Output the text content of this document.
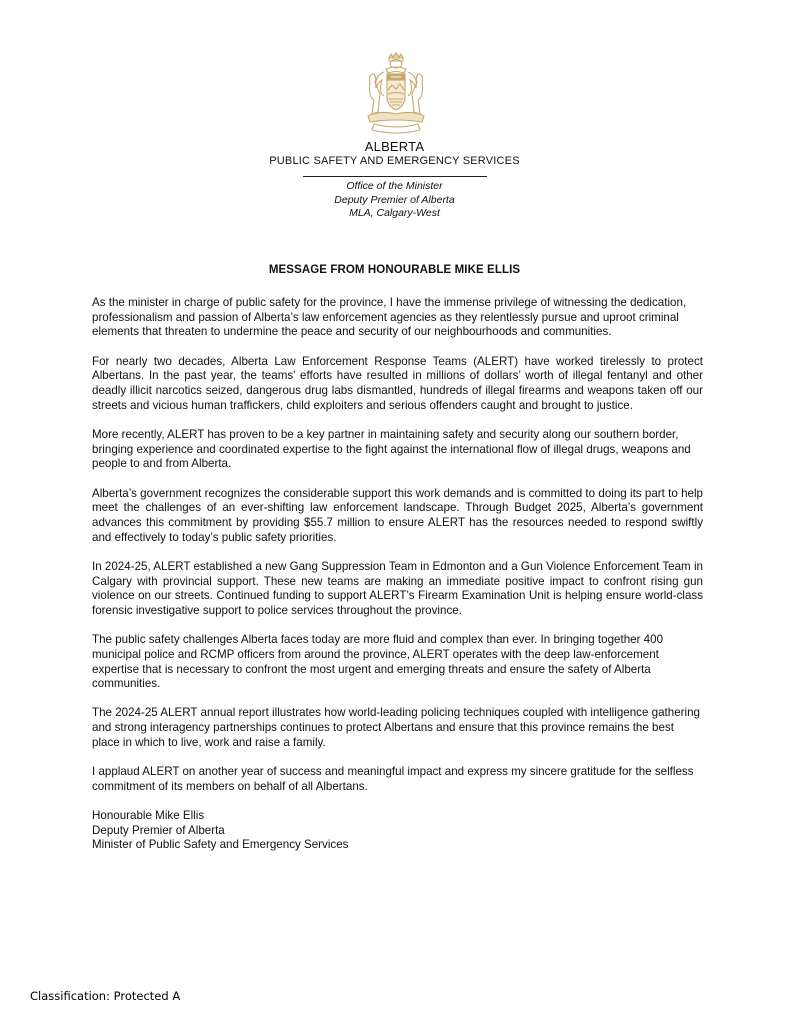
ALBERTA
PUBLIC SAFETY AND EMERGENCY SERVICES
Office of the Minister
Deputy Premier of Alberta
MLA, Calgary-West
MESSAGE FROM HONOURABLE MIKE ELLIS

As the minister in charge of public safety for the province, I have the immense privilege of witnessing the dedication, professionalism and passion of Alberta’s law enforcement agencies as they relentlessly pursue and uproot criminal elements that threaten to undermine the peace and security of our neighbourhoods and communities.

For nearly two decades, Alberta Law Enforcement Response Teams (ALERT) have worked tirelessly to protect Albertans. In the past year, the teams’ efforts have resulted in millions of dollars’ worth of illegal fentanyl and other deadly illicit narcotics seized, dangerous drug labs dismantled, hundreds of illegal firearms and weapons taken off our streets and vicious human traffickers, child exploiters and serious offenders caught and brought to justice.

More recently, ALERT has proven to be a key partner in maintaining safety and security along our southern border, bringing experience and coordinated expertise to the fight against the international flow of illegal drugs, weapons and people to and from Alberta.

Alberta’s government recognizes the considerable support this work demands and is committed to doing its part to help meet the challenges of an ever-shifting law enforcement landscape. Through Budget 2025, Alberta’s government advances this commitment by providing $55.7 million to ensure ALERT has the resources needed to respond swiftly and effectively to today’s public safety priorities.

In 2024-25, ALERT established a new Gang Suppression Team in Edmonton and a Gun Violence Enforcement Team in Calgary with provincial support. These new teams are making an immediate positive impact to confront rising gun violence on our streets. Continued funding to support ALERT’s Firearm Examination Unit is helping ensure world-class forensic investigative support to police services throughout the province.

The public safety challenges Alberta faces today are more fluid and complex than ever. In bringing together 400 municipal police and RCMP officers from around the province, ALERT operates with the deep law-enforcement expertise that is necessary to confront the most urgent and emerging threats and ensure the safety of Alberta communities.

The 2024-25 ALERT annual report illustrates how world-leading policing techniques coupled with intelligence gathering and strong interagency partnerships continues to protect Albertans and ensure that this province remains the best place in which to live, work and raise a family.

I applaud ALERT on another year of success and meaningful impact and express my sincere gratitude for the selfless commitment of its members on behalf of all Albertans.

Honourable Mike Ellis
Deputy Premier of Alberta
Minister of Public Safety and Emergency Services
Classification: Protected A
